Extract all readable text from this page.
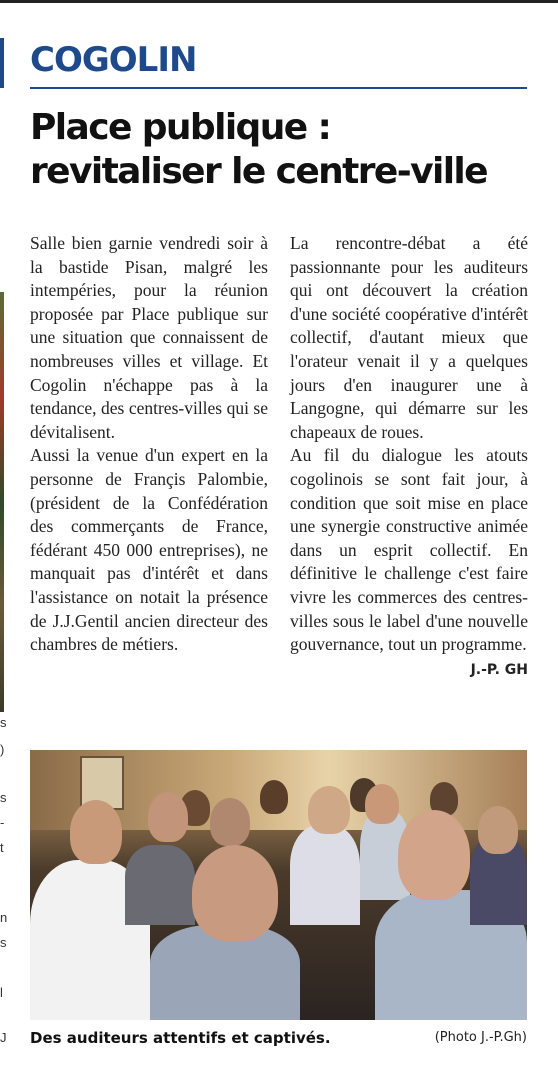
s
)
s
-
t
n
s
l
J
COGOLIN
Place publique :
revitaliser le centre-ville

Salle bien garnie vendredi soir à la bastide Pisan, malgré les intempéries, pour la réunion proposée par Place publique sur une situation que connaissent de nombreuses villes et village. Et Cogolin n'échappe pas à la tendance, des centres-villes qui se dévitalisent.

Aussi la venue d'un expert en la personne de Françis Palombie, (président de la Confédération des commerçants de France, fédérant 450 000 entreprises), ne manquait pas d'intérêt et dans l'assistance on notait la présence de J.J.Gentil ancien directeur des chambres de métiers.

La rencontre-débat a été passionnante pour les auditeurs qui ont découvert la création d'une société coopérative d'intérêt collectif, d'autant mieux que l'orateur venait il y a quelques jours d'en inaugurer une à Langogne, qui démarre sur les chapeaux de roues.

Au fil du dialogue les atouts cogolinois se sont fait jour, à condition que soit mise en place une synergie constructive animée dans un esprit collectif. En définitive le challenge c'est faire vivre les commerces des centres-villes sous le label d'une nouvelle gouvernance, tout un programme.
J.-P. GH

Des auditeurs attentifs et captivés.	(Photo J.-P.Gh)
